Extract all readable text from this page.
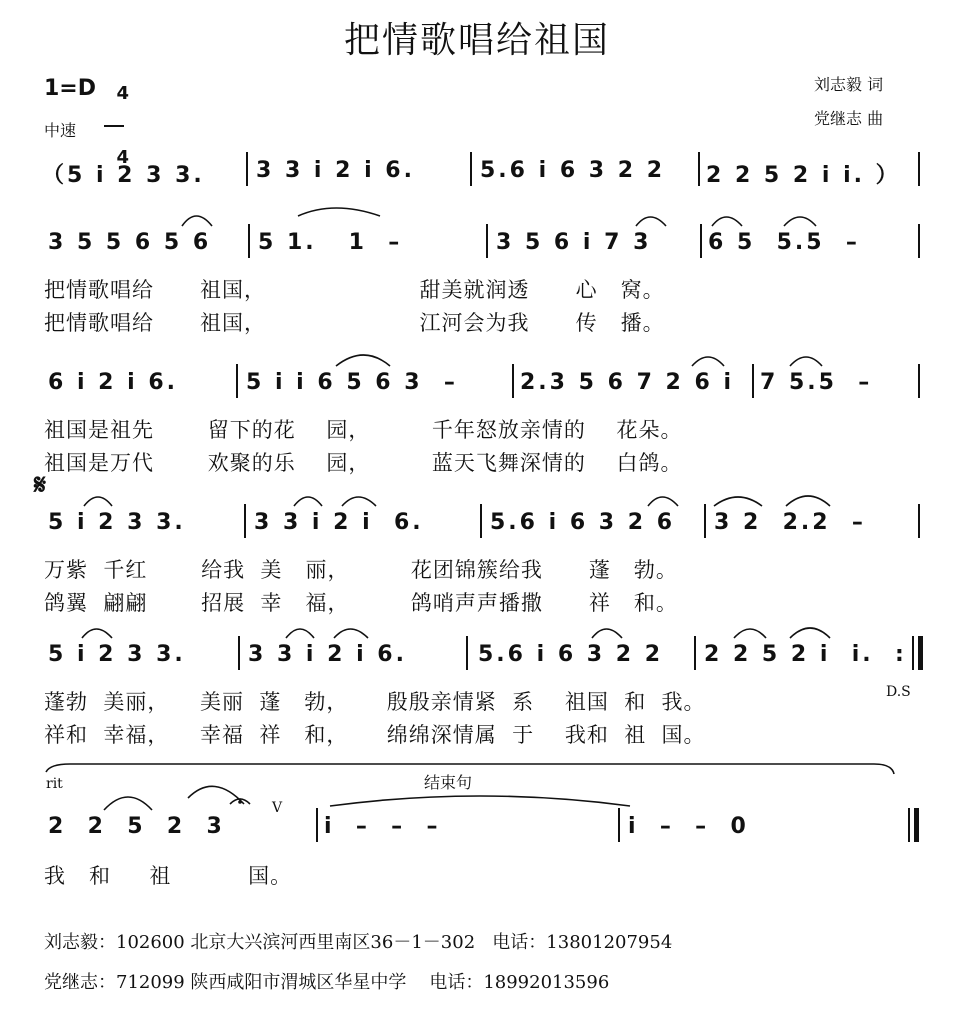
把情歌唱给祖国
1=D	4

4

中速
刘志毅 词
党继志 曲
（5 i 2 3 3. 3 3 i 2 i 6.	5.6 i 6 3 2 2 2 2 5 2 i i. ）
3 5 5 6 5 6 5 1.   1  –	3 5 6 i 7 3	6 5  5.5  –
把情歌唱给      祖国，                    甜美就润透      心   窝。
把情歌唱给      祖国，                    江河会为我      传   播。
6 i 2 i 6.	5 i i 6 5 6 3  –	2.3 5 6 7 2 6 i 7 5.5  –
祖国是祖先       留下的花    园，        千年怒放亲情的    花朵。
祖国是万代       欢聚的乐    园，        蓝天飞舞深情的    白鸽。
𝄋
5 i 2 3 3.	3 3 i 2 i  6.	5.6 i 6 3 2 6 3 2  2.2  –
万紫  千红       给我  美   丽，        花团锦簇给我      蓬   勃。
鸽翼  翩翩       招展  幸   福，        鸽哨声声播撒      祥   和。
5 i 2 3 3.	3 3 i 2 i 6.	5.6 i 6 3 2 2 2 2 5 2 i  i.  :
D.S
蓬勃  美丽，    美丽  蓬   勃，     殷殷亲情紧  系    祖国  和  我。
祥和  幸福，    幸福  祥   和，     绵绵深情属  于    我和  祖  国。
rit	结束句
2  2  5  2  3
V
i  –  –  –	i  –  –  0
我   和     祖          国。
刘志毅：102600 北京大兴滨河西里南区36－1－302   电话：13801207954
党继志：712099 陕西咸阳市渭城区华星中学    电话：18992013596
